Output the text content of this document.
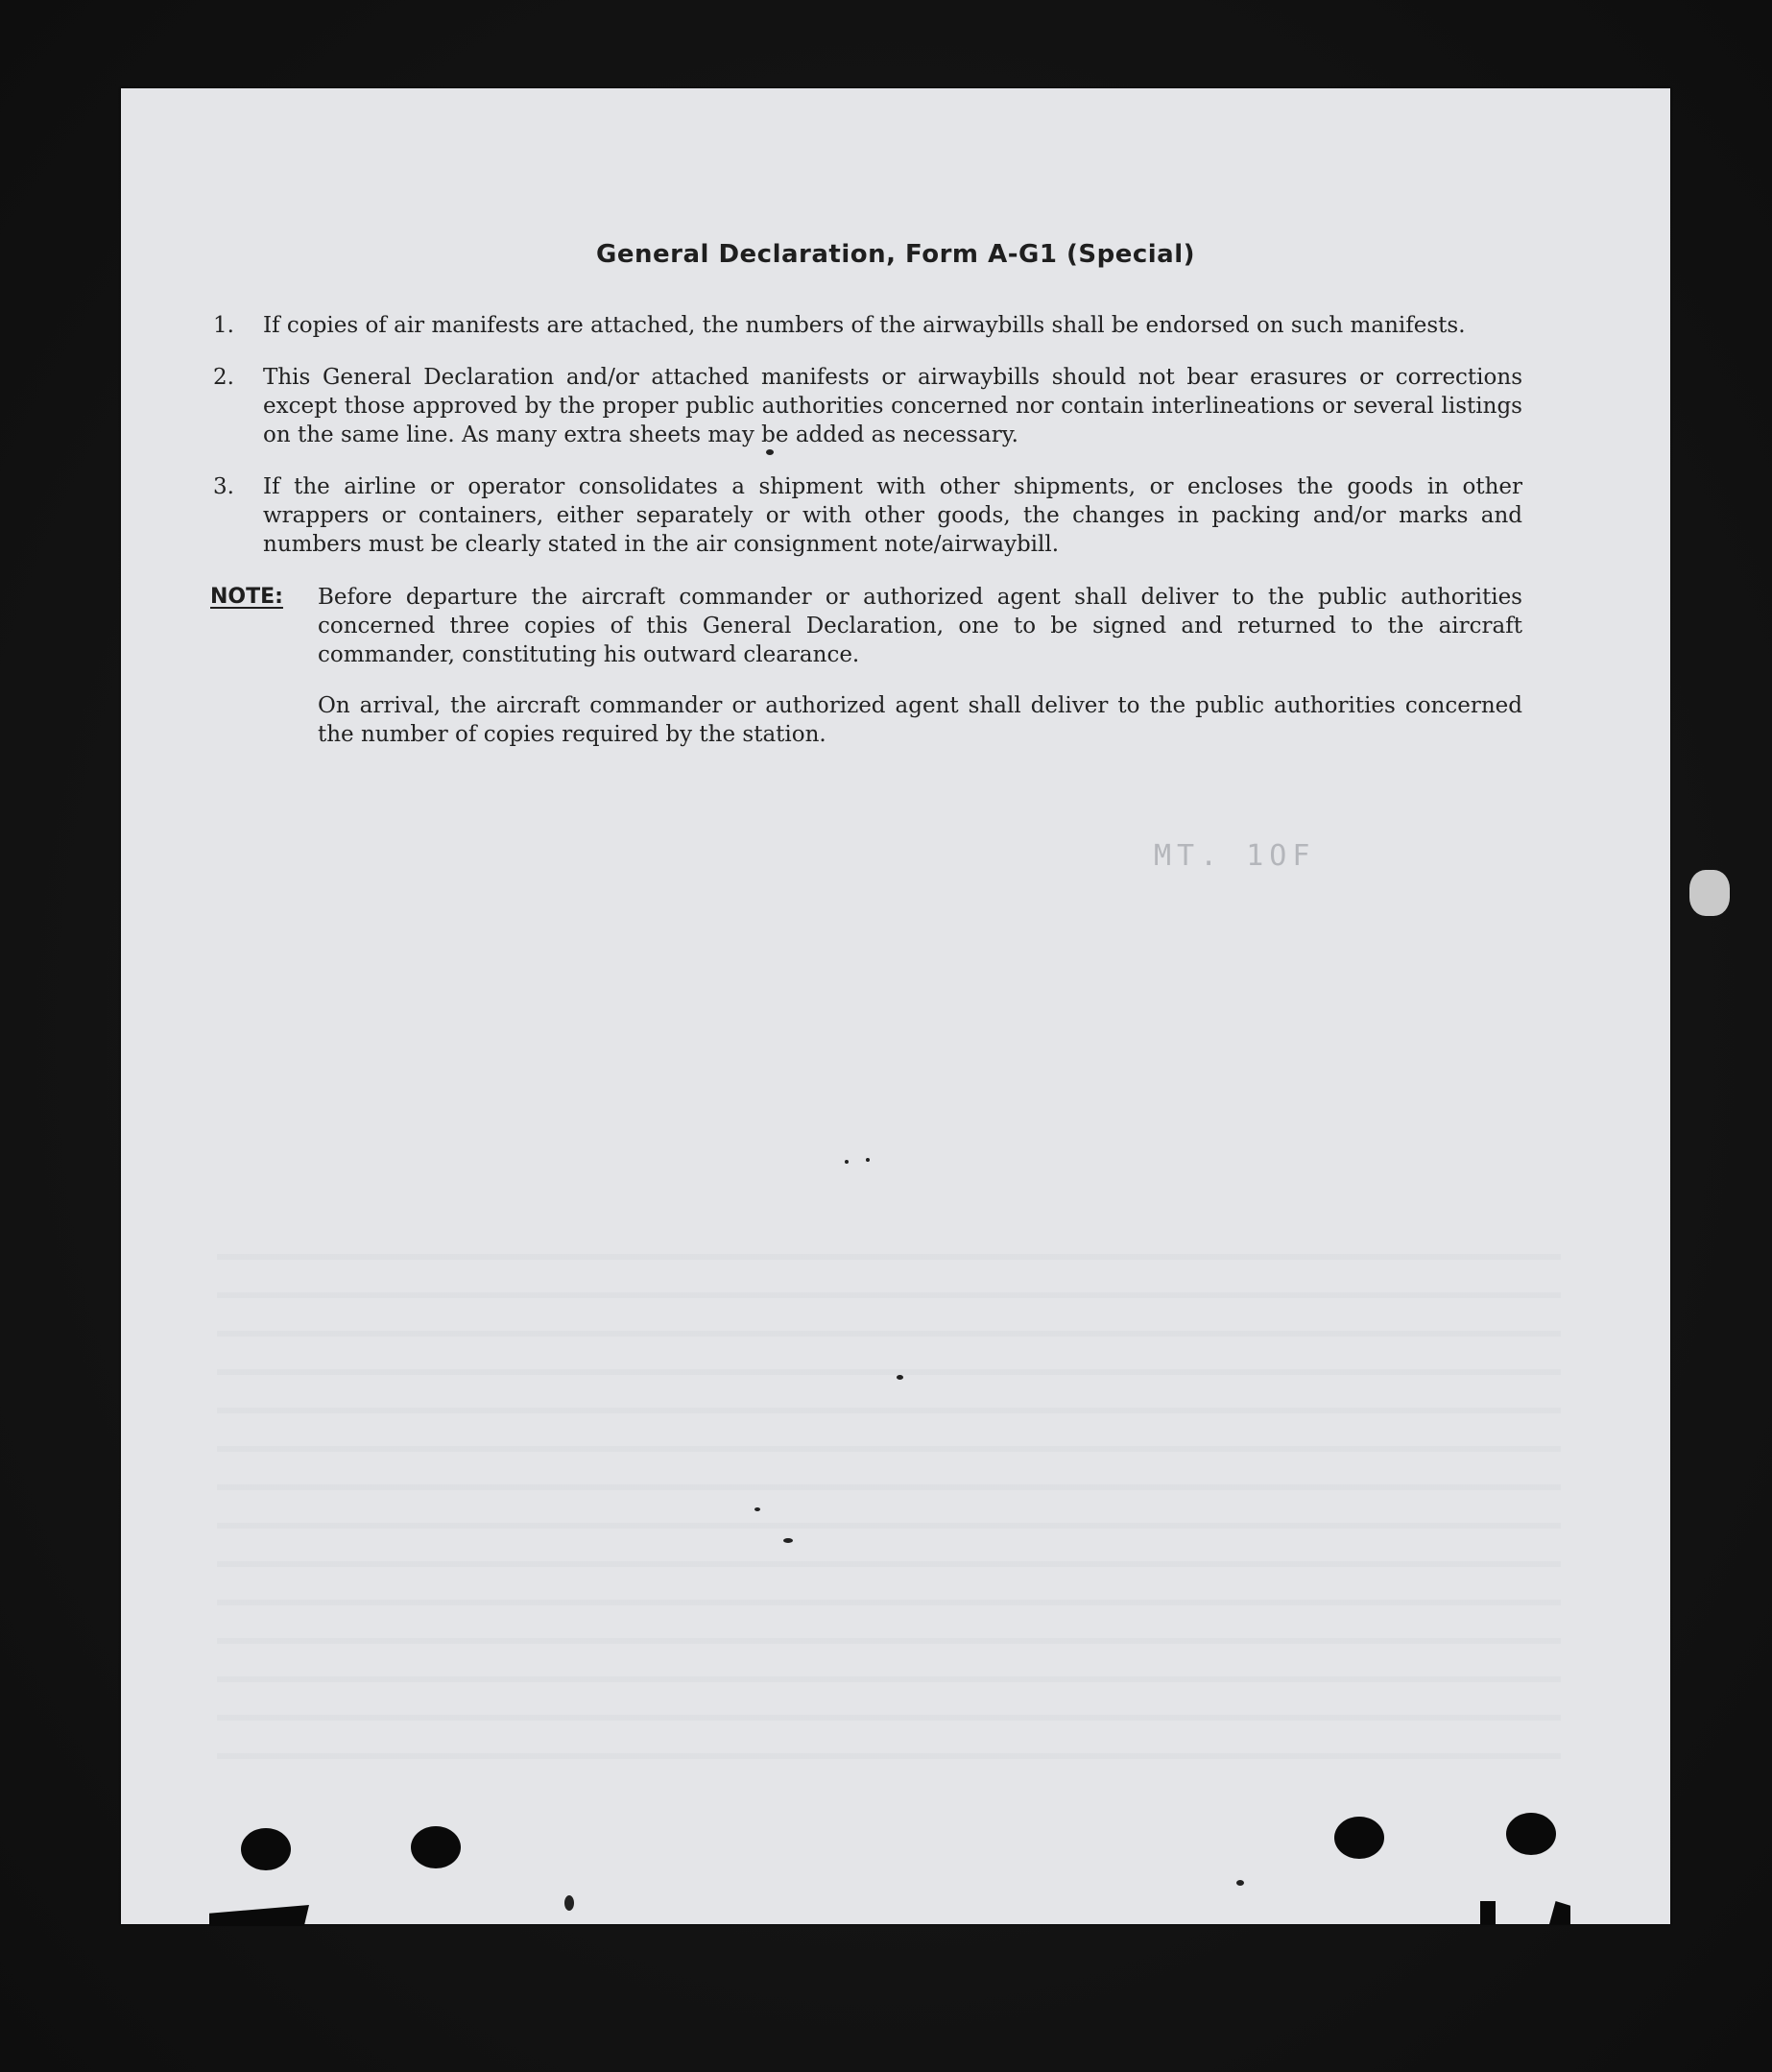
General Declaration, Form A-G1 (Special)
1. If copies of air manifests are attached, the numbers of the airwaybills shall be endorsed on such manifests.
2. This General Declaration and/or attached manifests or airwaybills should not bear erasures or corrections except those approved by the proper public authorities concerned nor contain interlineations or several listings on the same line. As many extra sheets may be added as necessary.
3. If the airline or operator consolidates a shipment with other shipments, or encloses the goods in other wrappers or containers, either separately or with other goods, the changes in packing and/or marks and numbers must be clearly stated in the air consignment note/airwaybill.
NOTE: Before departure the aircraft commander or authorized agent shall deliver to the public authorities concerned three copies of this General Declaration, one to be signed and returned to the aircraft commander, constituting his outward clearance.
On arrival, the aircraft commander or authorized agent shall deliver to the public authorities concerned the number of copies required by the station.
MT. 1OF
